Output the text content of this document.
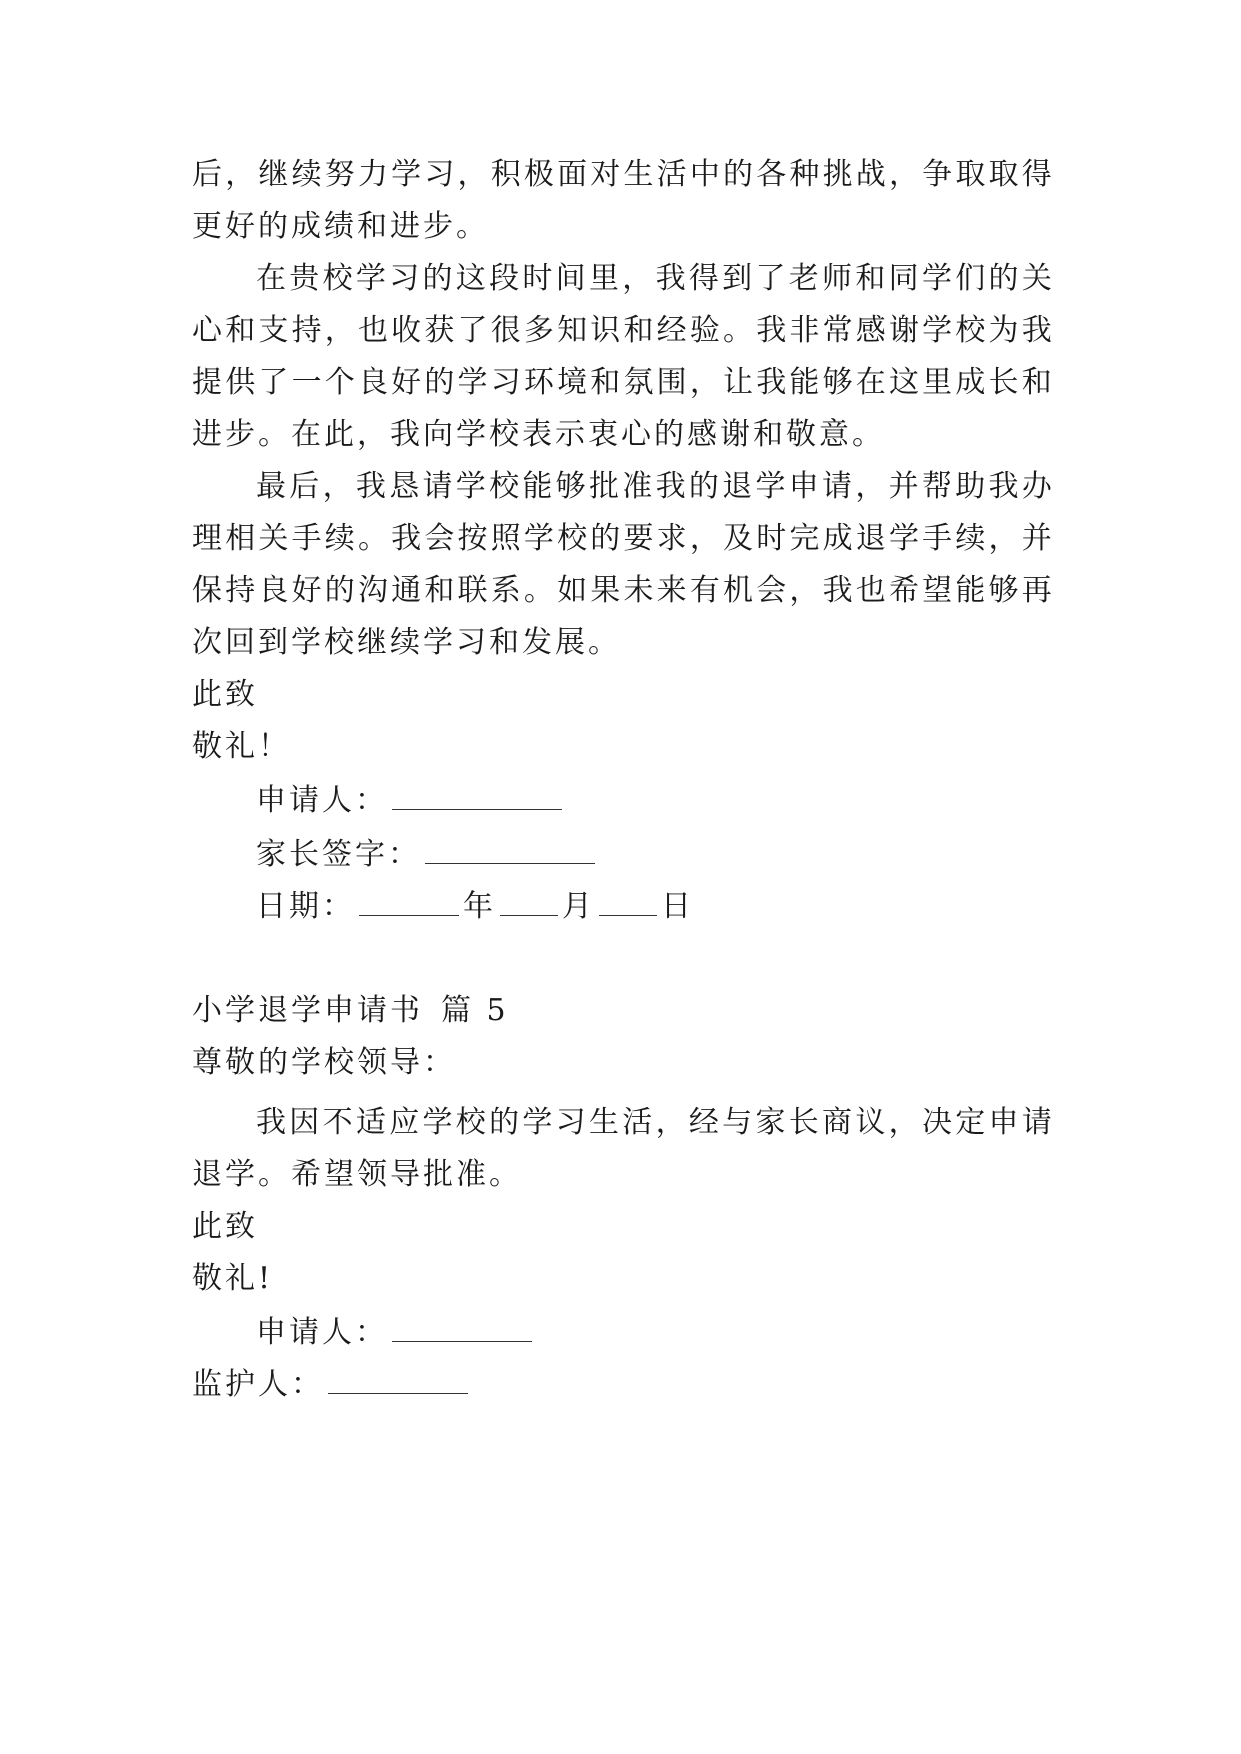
后 ， 继 续 努 力 学 习 ， 积 极 面 对 生 活 中 的 各 种 挑 战 ， 争 取 取 得
更好的成绩和进步。
在 贵 校 学 习 的 这 段 时 间 里 ， 我 得 到 了 老 师 和 同 学 们 的 关
心 和 支 持 ， 也 收 获 了 很 多 知 识 和 经 验 。 我 非 常 感 谢 学 校 为 我
提 供 了 一 个 良 好 的 学 习 环 境 和 氛 围 ， 让 我 能 够 在 这 里 成 长 和
进步。在此，我向学校表示衷心的感谢和敬意。
最 后 ， 我 恳 请 学 校 能 够 批 准 我 的 退 学 申 请 ， 并 帮 助 我 办
理 相 关 手 续 。 我 会 按 照 学 校 的 要 求 ， 及 时 完 成 退 学 手 续 ， 并
保 持 良 好 的 沟 通 和 联 系 。 如 果 未 来 有 机 会 ， 我 也 希 望 能 够 再
次回到学校继续学习和发展。
此致
敬礼！
申请人：
家长签字：
日期：	年 月 日
小学退学申请书 篇 5
尊敬的学校领导：
我 因 不 适 应 学 校 的 学 习 生 活 ， 经 与 家 长 商 议 ， 决 定 申 请
退学。希望领导批准。
此致
敬礼!
申请人：
监护人：
